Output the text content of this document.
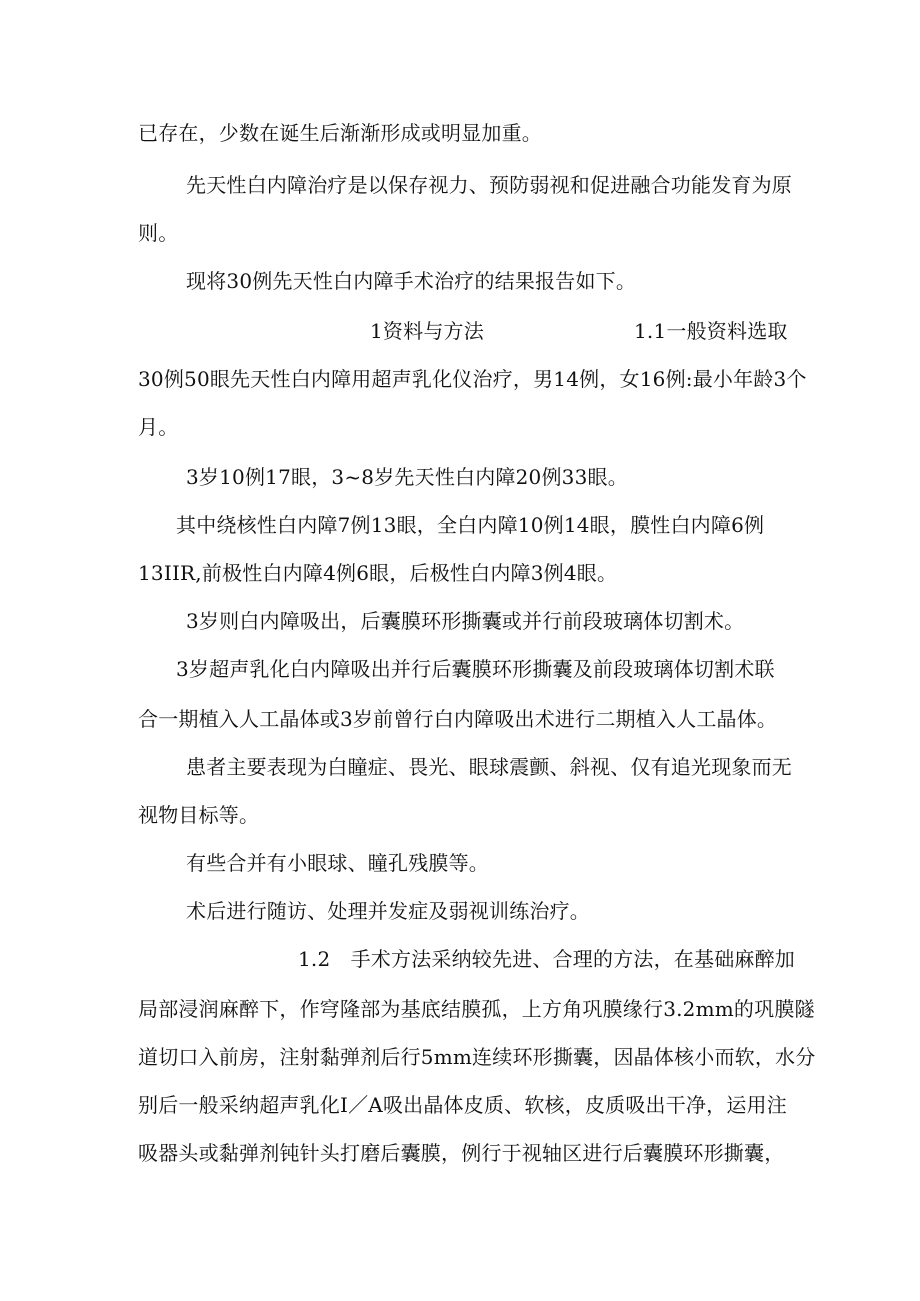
已存在，少数在诞生后渐渐形成或明显加重。
先天性白内障治疗是以保存视力、预防弱视和促进融合功能发育为原
则。
现将30例先天性白内障手术治疗的结果报告如下。
1资料与方法	1.1一般资料选取
30例50眼先天性白内障用超声乳化仪治疗，男14例，女16例:最小年龄3个
月。
3岁10例17眼，3~8岁先天性白内障20例33眼。
其中绕核性白内障7例13眼，全白内障10例14眼，膜性白内障6例
13IIR,前极性白内障4例6眼，后极性白内障3例4眼。
3岁则白内障吸出，后囊膜环形撕囊或并行前段玻璃体切割术。
3岁超声乳化白内障吸出并行后囊膜环形撕囊及前段玻璃体切割术联
合一期植入人工晶体或3岁前曾行白内障吸出术进行二期植入人工晶体。
患者主要表现为白瞳症、畏光、眼球震颤、斜视、仅有追光现象而无
视物目标等。
有些合并有小眼球、瞳孔残膜等。
术后进行随访、处理并发症及弱视训练治疗。
1.2　手术方法采纳较先进、合理的方法，在基础麻醉加
局部浸润麻醉下，作穹隆部为基底结膜孤，上方角巩膜缘行3.2mm的巩膜隧
道切口入前房，注射黏弹剂后行5mm连续环形撕囊，因晶体核小而软，水分
别后一般采纳超声乳化I／A吸出晶体皮质、软核，皮质吸出干净，运用注
吸器头或黏弹剂钝针头打磨后囊膜，例行于视轴区进行后囊膜环形撕囊，
